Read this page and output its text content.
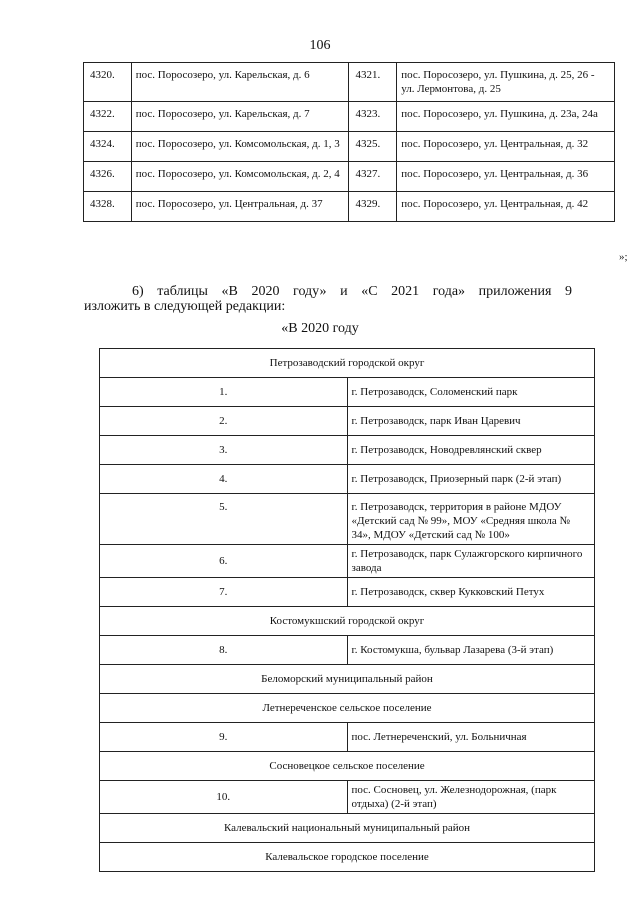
106
4320.	пос. Поросозеро, ул. Карельская, д. 6	4321.	пос. Поросозеро, ул. Пушкина, д. 25, 26 - ул. Лермонтова, д. 25
4322.	пос. Поросозеро, ул. Карельская, д. 7	4323.	пос. Поросозеро, ул. Пушкина, д. 23а, 24а
4324.	пос. Поросозеро, ул. Комсомольская, д. 1, 3	4325.	пос. Поросозеро, ул. Центральная, д. 32
4326.	пос. Поросозеро, ул. Комсомольская, д. 2, 4	4327.	пос. Поросозеро, ул. Центральная, д. 36
4328.	пос. Поросозеро, ул. Центральная, д. 37	4329.	пос. Поросозеро, ул. Центральная, д. 42
»;
6) таблицы «В 2020 году» и «С 2021 года» приложения 9
изложить в следующей редакции:
«В 2020 году
Петрозаводский городской округ	
1.	г. Петрозаводск, Соломенский парк
2.	г. Петрозаводск, парк Иван Царевич
3.	г. Петрозаводск, Новодревлянский сквер
4.	г. Петрозаводск, Приозерный парк (2-й этап)
5.	г. Петрозаводск, территория в районе МДОУ «Детский сад № 99», МОУ «Средняя школа № 34», МДОУ «Детский сад № 100»
6.	г. Петрозаводск, парк Сулажгорского кирпичного завода
7.	г. Петрозаводск, сквер Кукковский Петух
Костомукшский городской округ	
8.	г. Костомукша, бульвар Лазарева (3-й этап)
Беломорский муниципальный район	
Летнереченское сельское поселение	
9.	пос. Летнереченский, ул. Больничная
Сосновецкое сельское поселение	
10.	пос. Сосновец, ул. Железнодорожная, (парк отдыха) (2-й этап)
Калевальский национальный муниципальный район	
Калевальское городское поселение	
